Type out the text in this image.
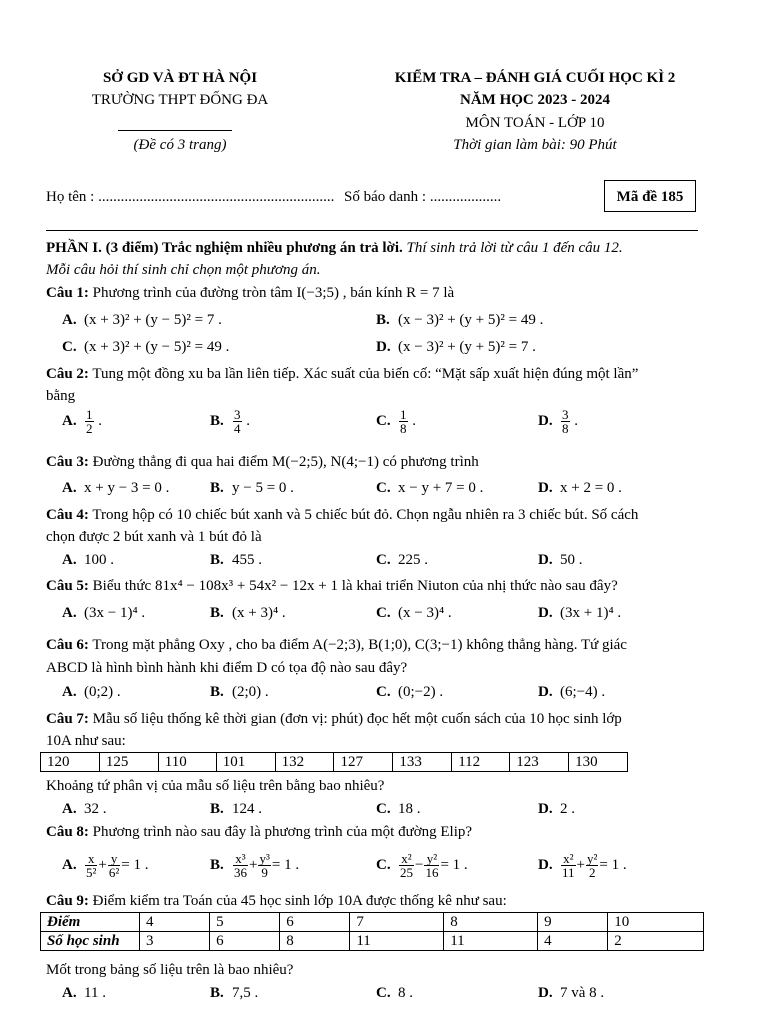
SỞ GD VÀ ĐT HÀ NỘI
TRƯỜNG THPT ĐỐNG ĐA
(Đề có 3 trang)
KIỂM TRA – ĐÁNH GIÁ CUỐI HỌC KÌ 2
NĂM HỌC 2023 - 2024
MÔN TOÁN - LỚP 10
Thời gian làm bài: 90 Phút
Họ tên : ............................................................... Số báo danh : ...................	Mã đề 185
PHẦN I. (3 điểm) Trắc nghiệm nhiều phương án trả lời. Thí sinh trả lời từ câu 1 đến câu 12.
Mỗi câu hỏi thí sinh chỉ chọn một phương án.
Câu 1: Phương trình của đường tròn tâm I(−3;5) , bán kính R = 7 là
A. (x + 3)² + (y − 5)² = 7 .	B. (x − 3)² + (y + 5)² = 49 .
C. (x + 3)² + (y − 5)² = 49 .	D. (x − 3)² + (y + 5)² = 7 .
Câu 2: Tung một đồng xu ba lần liên tiếp. Xác suất của biến cố: “Mặt sấp xuất hiện đúng một lần”
bằng
A. $\frac{1}{2}$ .	B. $\frac{3}{4}$ .	C. $\frac{1}{8}$ .	D. $\frac{3}{8}$ .
Câu 3: Đường thẳng đi qua hai điểm M(−2;5), N(4;−1) có phương trình
A. x + y − 3 = 0 .	B. y − 5 = 0 .	C. x − y + 7 = 0 .	D. x + 2 = 0 .
Câu 4: Trong hộp có 10 chiếc bút xanh và 5 chiếc bút đỏ. Chọn ngẫu nhiên ra 3 chiếc bút. Số cách
chọn được 2 bút xanh và 1 bút đỏ là
A. 100 .	B. 455 .	C. 225 .	D. 50 .
Câu 5: Biểu thức 81x⁴ − 108x³ + 54x² − 12x + 1 là khai triển Niuton của nhị thức nào sau đây?
A. (3x − 1)⁴ .	B. (x + 3)⁴ .	C. (x − 3)⁴ .	D. (3x + 1)⁴ .
Câu 6: Trong mặt phẳng Oxy , cho ba điểm A(−2;3), B(1;0), C(3;−1) không thẳng hàng. Tứ giác
ABCD là hình bình hành khi điểm D có tọa độ nào sau đây?
A. (0;2) .	B. (2;0) .	C. (0;−2) .	D. (6;−4) .
Câu 7: Mẫu số liệu thống kê thời gian (đơn vị: phút) đọc hết một cuốn sách của 10 học sinh lớp
10A như sau:
120	125	110	101	132	127	133	112	123	130
Khoảng tứ phân vị của mẫu số liệu trên bằng bao nhiêu?
A. 32 .	B. 124 .	C. 18 .	D. 2 .
Câu 8: Phương trình nào sau đây là phương trình của một đường Elip?
A. $\frac{x}{\text{5²}} + \frac{y}{\text{6²}} = 1$ .	B. $\frac{\text{x³}}{36} + \frac{\text{y³}}{9} = 1$ .	C. $\frac{\text{x²}}{25} - \frac{\text{y²}}{16} = 1$ .	D. $\frac{\text{x²}}{11} + \frac{\text{y²}}{2} = 1$ .
Câu 9: Điểm kiểm tra Toán của 45 học sinh lớp 10A được thống kê như sau:
Điểm	4	5	6	7	8	9	10
Số học sinh	3	6	8	11	11	4	2
Mốt trong bảng số liệu trên là bao nhiêu?
A. 11 .	B. 7,5 .	C. 8 .	D. 7 và 8 .
